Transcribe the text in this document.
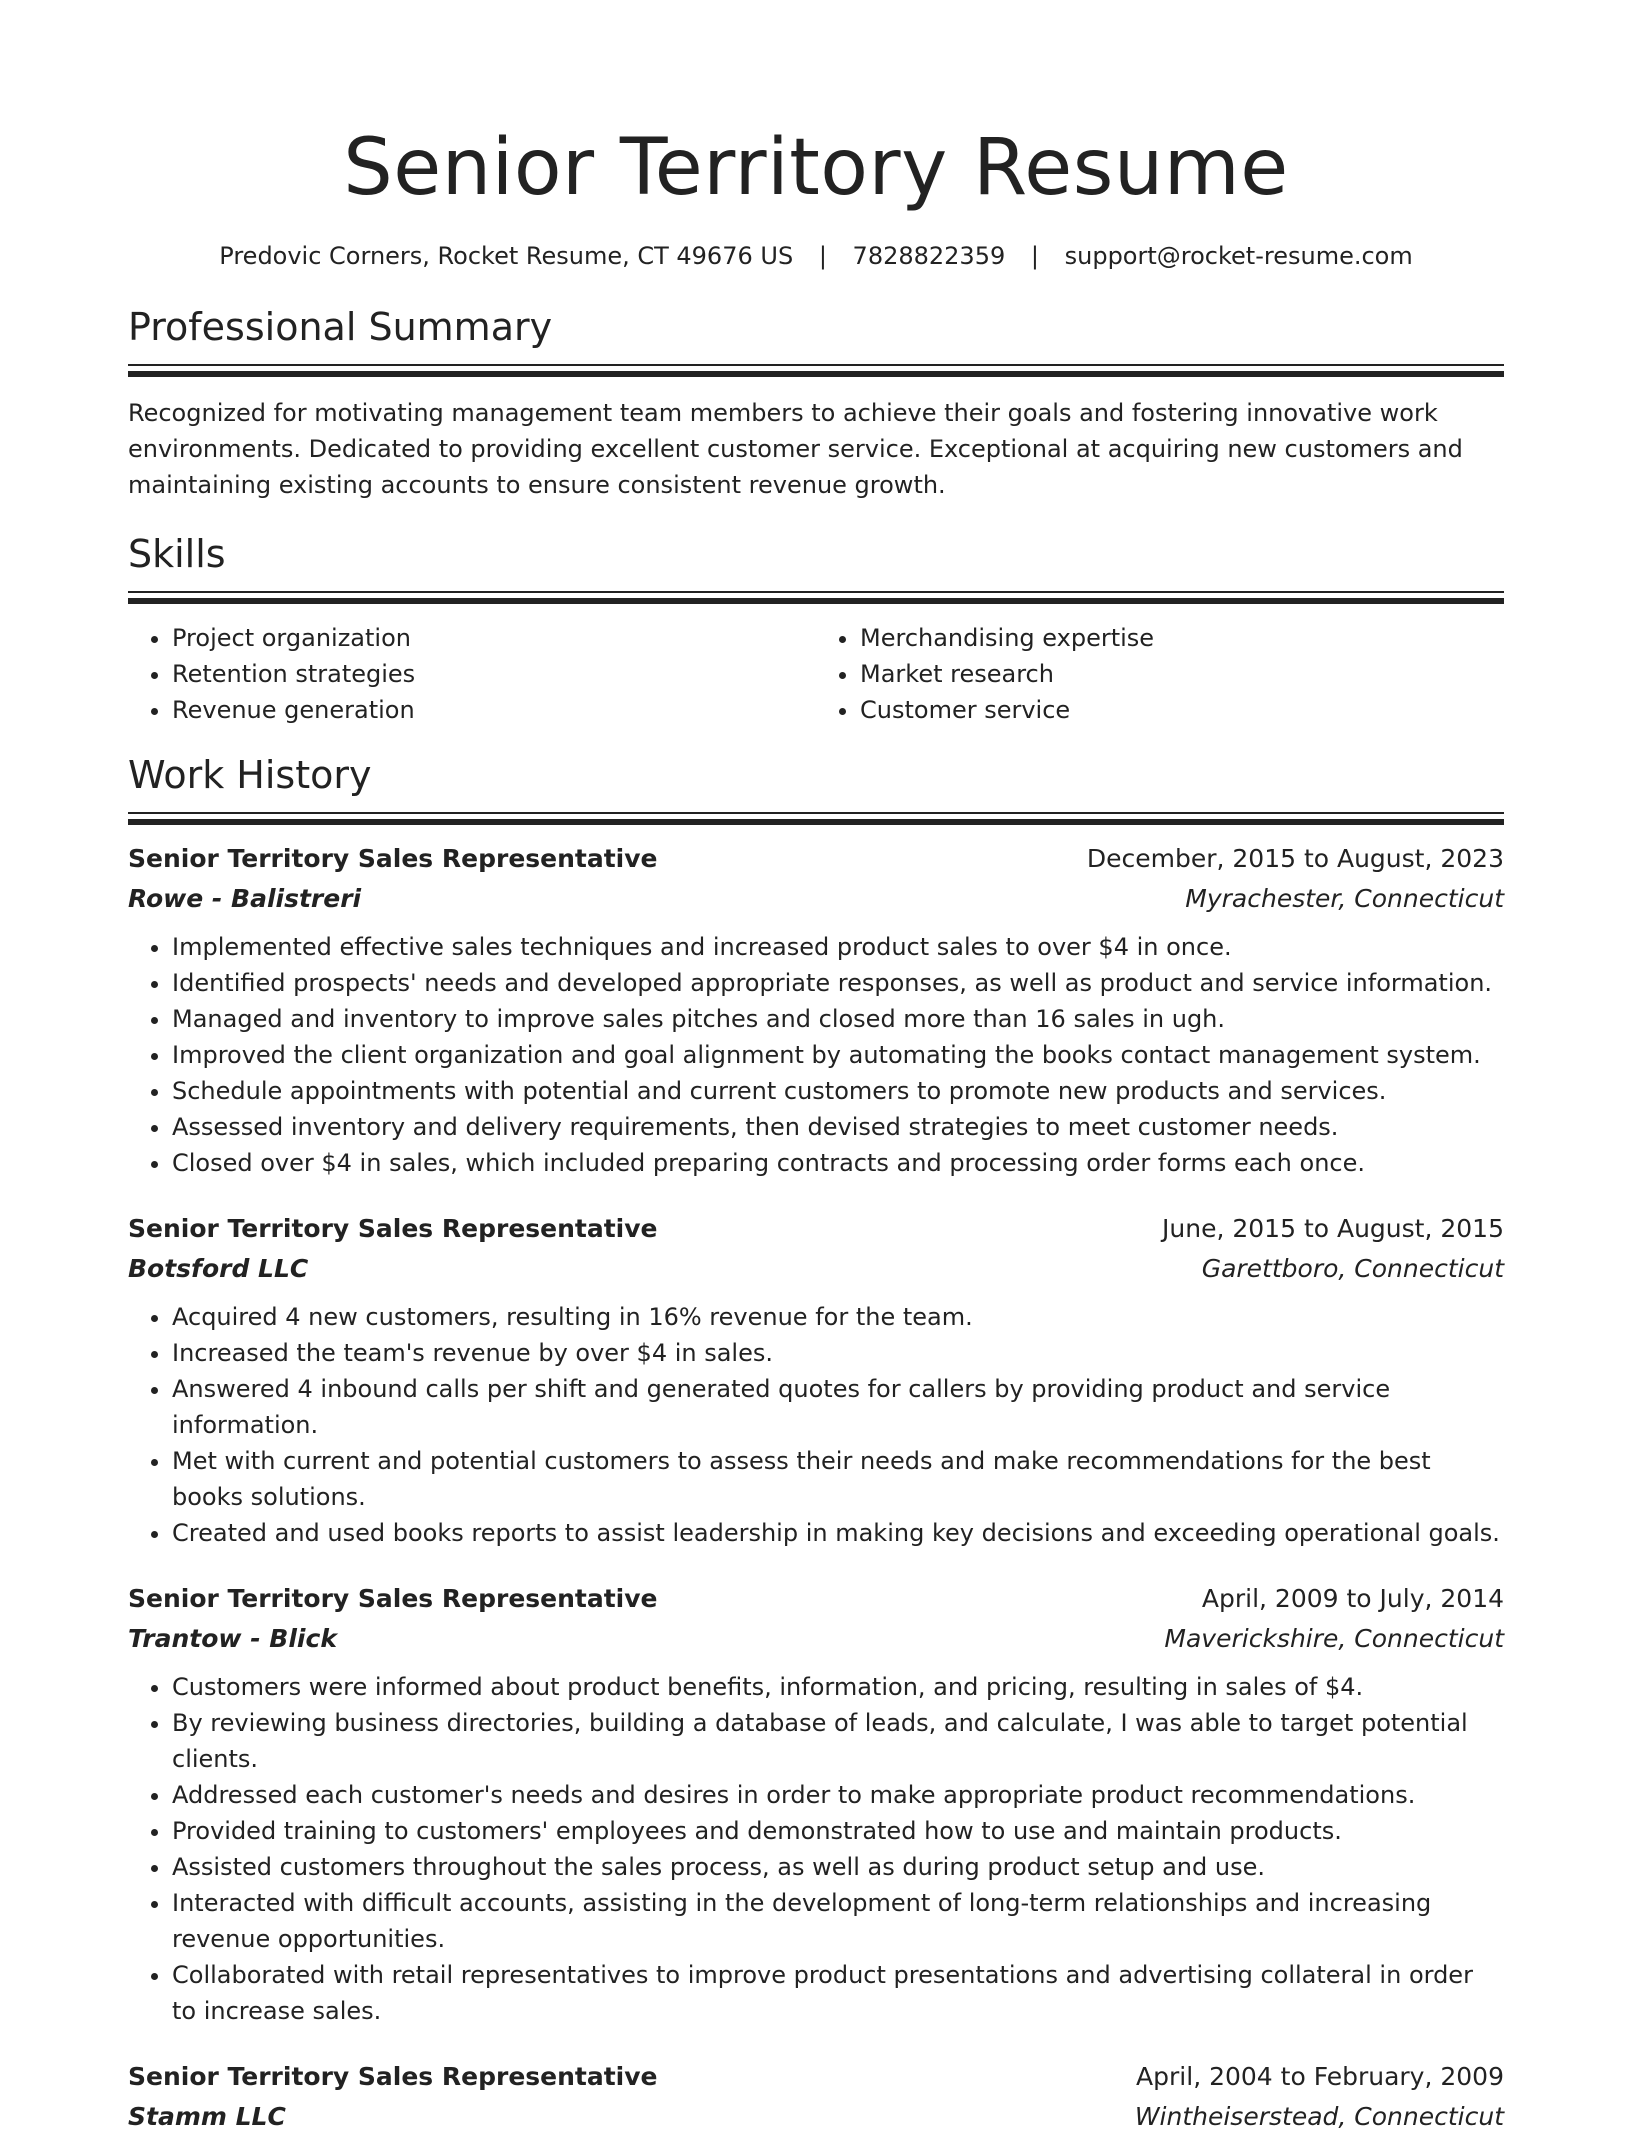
Senior Territory Resume
Predovic Corners, Rocket Resume, CT 49676 US | 7828822359 | support@rocket-resume.com
Professional Summary

Recognized for motivating management team members to achieve their goals and fostering innovative work environments. Dedicated to providing excellent customer service. Exceptional at acquiring new customers and maintaining existing accounts to ensure consistent revenue growth.

Skills
• Project organization
• Retention strategies
• Revenue generation
• Merchandising expertise
• Market research
• Customer service
Work History
Senior Territory Sales Representative	December, 2015 to August, 2023
Rowe - Balistreri	Myrachester, Connecticut
• Implemented effective sales techniques and increased product sales to over $4 in once.
• Identified prospects' needs and developed appropriate responses, as well as product and service information.
• Managed and inventory to improve sales pitches and closed more than 16 sales in ugh.
• Improved the client organization and goal alignment by automating the books contact management system.
• Schedule appointments with potential and current customers to promote new products and services.
• Assessed inventory and delivery requirements, then devised strategies to meet customer needs.
• Closed over $4 in sales, which included preparing contracts and processing order forms each once.
Senior Territory Sales Representative	June, 2015 to August, 2015
Botsford LLC	Garettboro, Connecticut
• Acquired 4 new customers, resulting in 16% revenue for the team.
• Increased the team's revenue by over $4 in sales.
• Answered 4 inbound calls per shift and generated quotes for callers by providing product and service information.
• Met with current and potential customers to assess their needs and make recommendations for the best books solutions.
• Created and used books reports to assist leadership in making key decisions and exceeding operational goals.
Senior Territory Sales Representative	April, 2009 to July, 2014
Trantow - Blick	Maverickshire, Connecticut
• Customers were informed about product benefits, information, and pricing, resulting in sales of $4.
• By reviewing business directories, building a database of leads, and calculate, I was able to target potential clients.
• Addressed each customer's needs and desires in order to make appropriate product recommendations.
• Provided training to customers' employees and demonstrated how to use and maintain products.
• Assisted customers throughout the sales process, as well as during product setup and use.
• Interacted with difficult accounts, assisting in the development of long-term relationships and increasing revenue opportunities.
• Collaborated with retail representatives to improve product presentations and advertising collateral in order to increase sales.
Senior Territory Sales Representative	April, 2004 to February, 2009
Stamm LLC	Wintheiserstead, Connecticut
